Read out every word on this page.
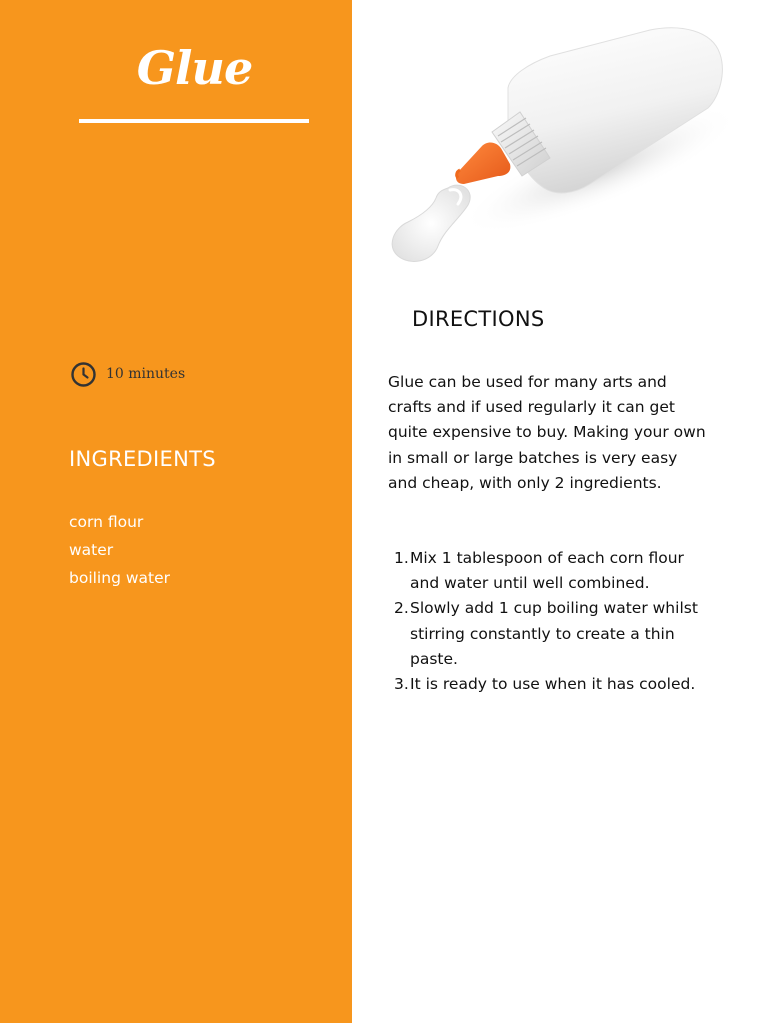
Glue
10 minutes
INGREDIENTS
corn flour
water
boiling water
DIRECTIONS

Glue can be used for many arts and crafts and if used regularly it can get quite expensive to buy. Making your own in small or large batches is very easy and cheap, with only 2 ingredients.

1. Mix 1 tablespoon of each corn flour and water until well combined.
2. Slowly add 1 cup boiling water whilst stirring constantly to create a thin paste.
3. It is ready to use when it has cooled.
